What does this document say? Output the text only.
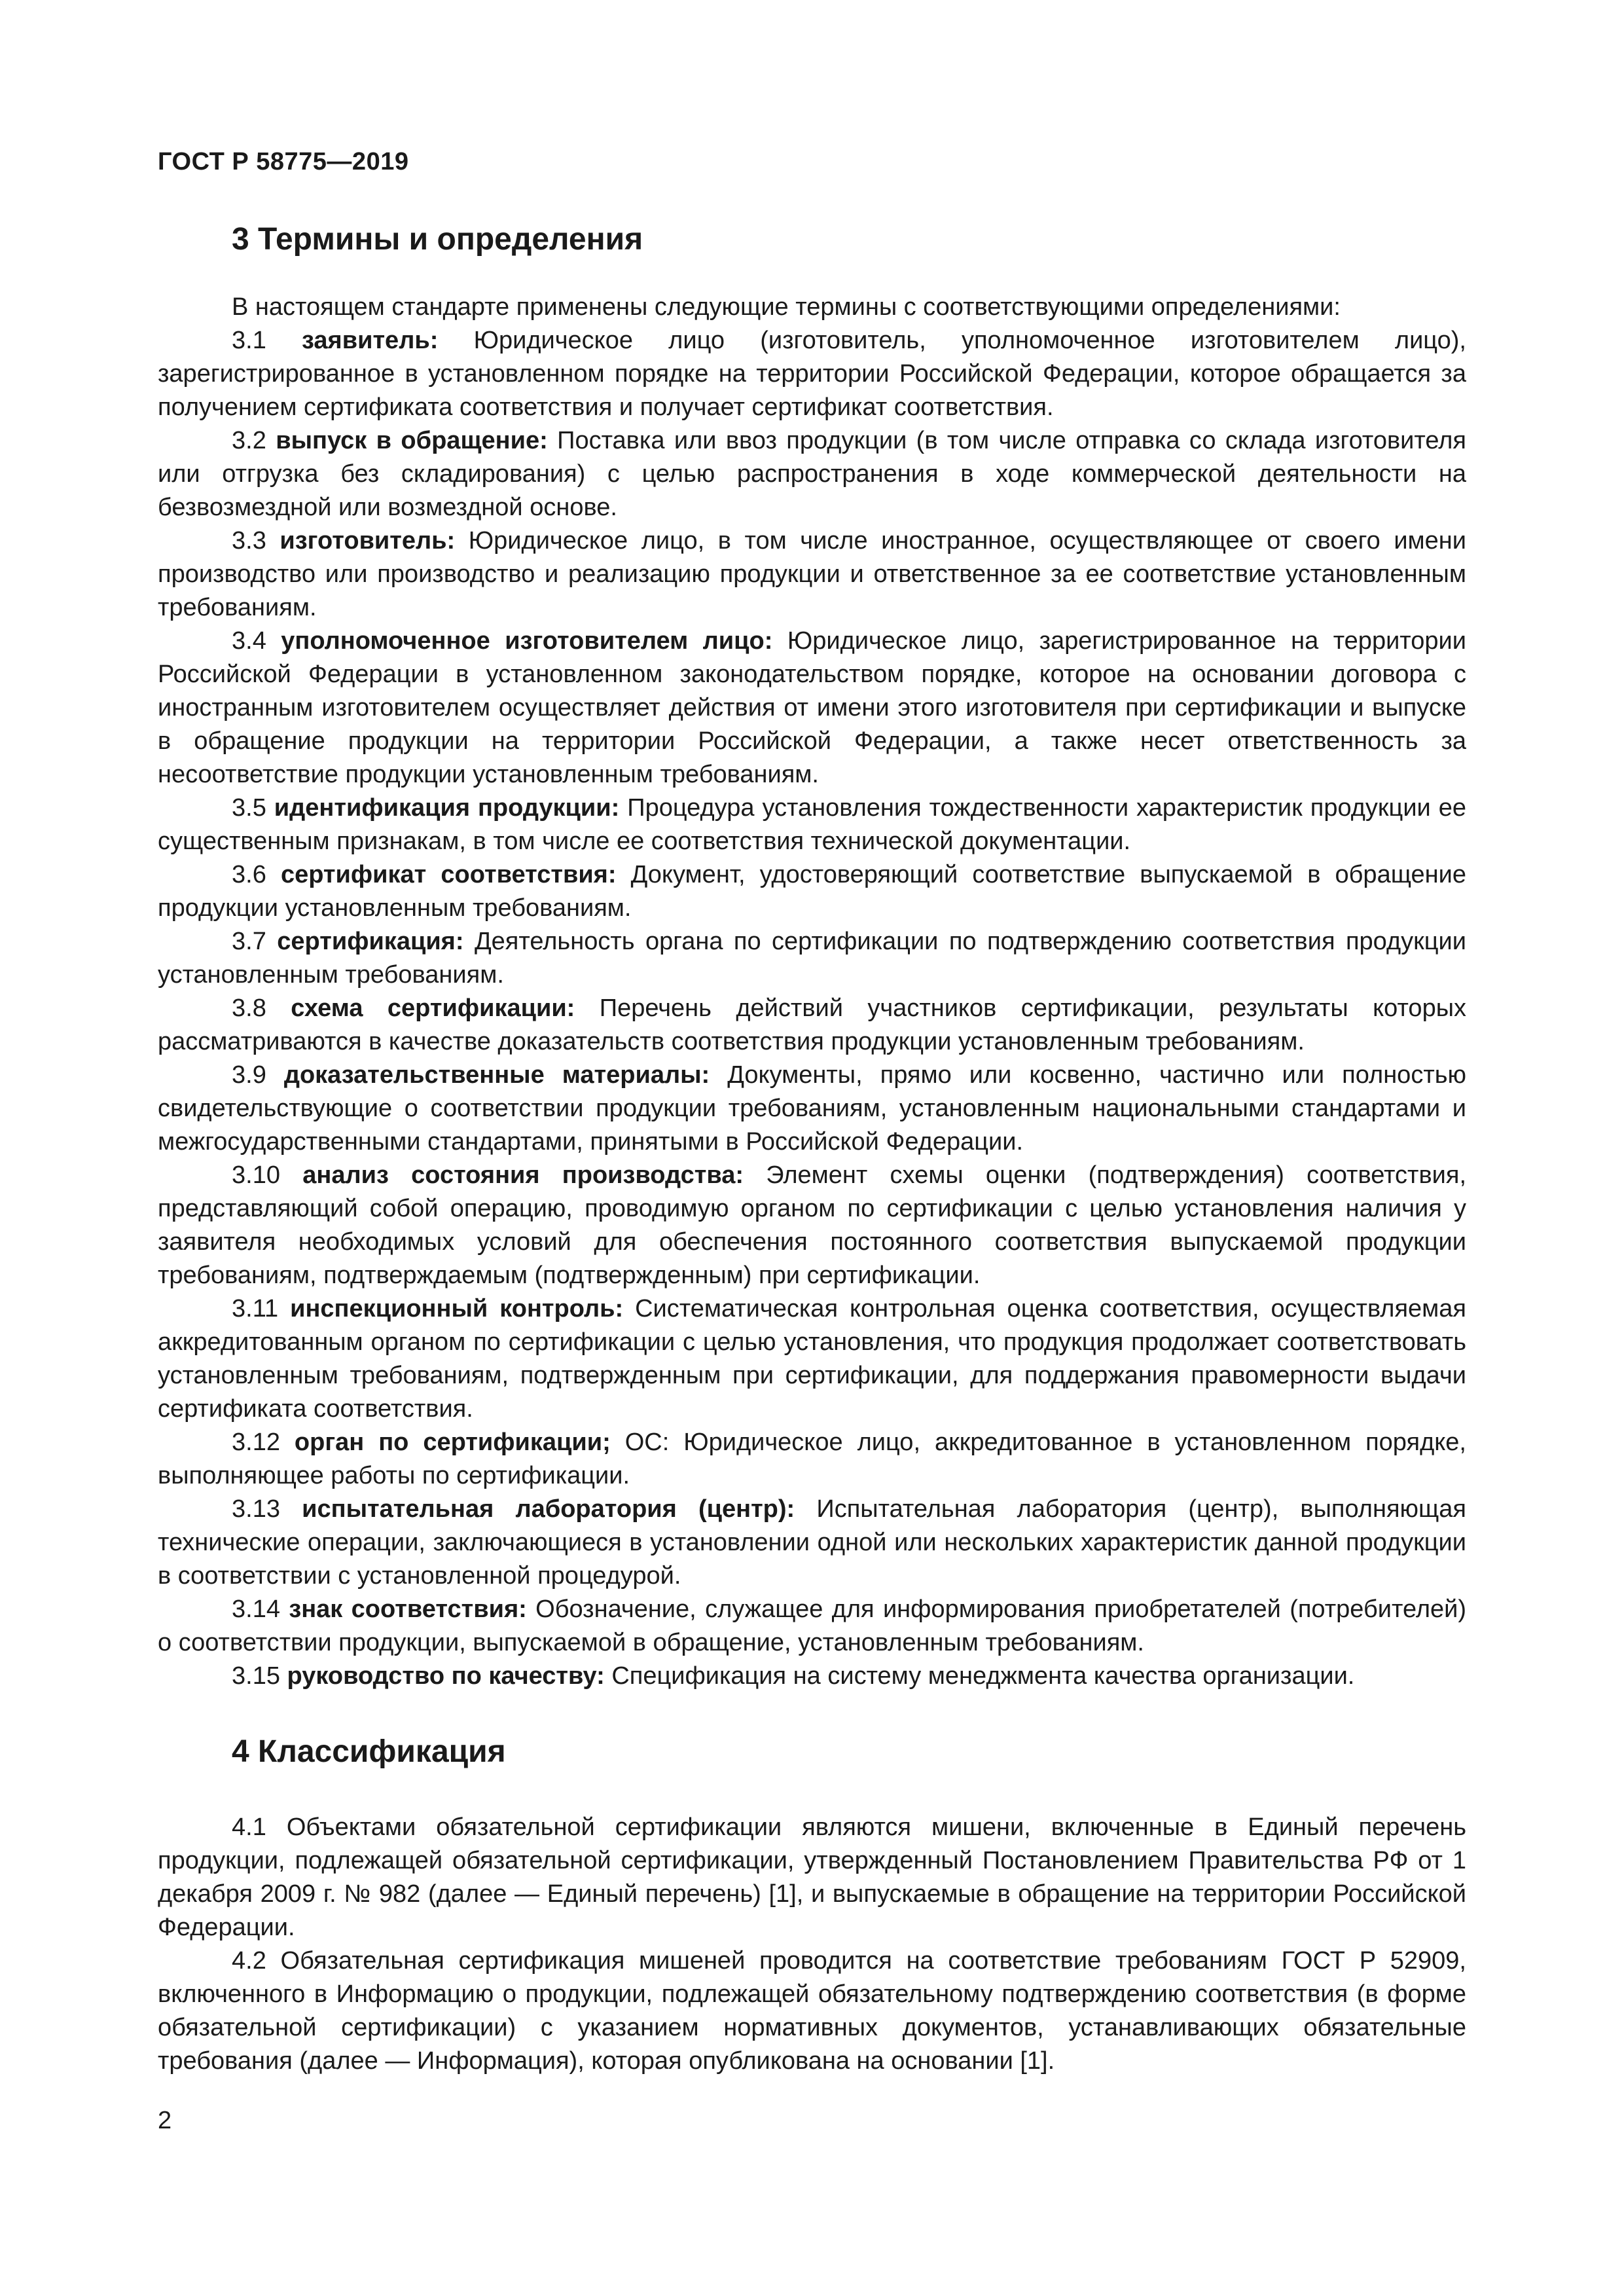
ГОСТ Р 58775—2019
3 Термины и определения

В настоящем стандарте применены следующие термины с соответствующими определениями:

3.1 заявитель: Юридическое лицо (изготовитель, уполномоченное изготовителем лицо), зарегистрированное в установленном порядке на территории Российской Федерации, которое обращается за получением сертификата соответствия и получает сертификат соответствия.

3.2 выпуск в обращение: Поставка или ввоз продукции (в том числе отправка со склада изготовителя или отгрузка без складирования) с целью распространения в ходе коммерческой деятельности на безвозмездной или возмездной основе.

3.3 изготовитель: Юридическое лицо, в том числе иностранное, осуществляющее от своего имени производство или производство и реализацию продукции и ответственное за ее соответствие установленным требованиям.

3.4 уполномоченное изготовителем лицо: Юридическое лицо, зарегистрированное на территории Российской Федерации в установленном законодательством порядке, которое на основании договора с иностранным изготовителем осуществляет действия от имени этого изготовителя при сертификации и выпуске в обращение продукции на территории Российской Федерации, а также несет ответственность за несоответствие продукции установленным требованиям.

3.5 идентификация продукции: Процедура установления тождественности характеристик продукции ее существенным признакам, в том числе ее соответствия технической документации.

3.6 сертификат соответствия: Документ, удостоверяющий соответствие выпускаемой в обращение продукции установленным требованиям.

3.7 сертификация: Деятельность органа по сертификации по подтверждению соответствия продукции установленным требованиям.

3.8 схема сертификации: Перечень действий участников сертификации, результаты которых рассматриваются в качестве доказательств соответствия продукции установленным требованиям.

3.9 доказательственные материалы: Документы, прямо или косвенно, частично или полностью свидетельствующие о соответствии продукции требованиям, установленным национальными стандартами и межгосударственными стандартами, принятыми в Российской Федерации.

3.10 анализ состояния производства: Элемент схемы оценки (подтверждения) соответствия, представляющий собой операцию, проводимую органом по сертификации с целью установления наличия у заявителя необходимых условий для обеспечения постоянного соответствия выпускаемой продукции требованиям, подтверждаемым (подтвержденным) при сертификации.

3.11 инспекционный контроль: Систематическая контрольная оценка соответствия, осуществляемая аккредитованным органом по сертификации с целью установления, что продукция продолжает соответствовать установленным требованиям, подтвержденным при сертификации, для поддержания правомерности выдачи сертификата соответствия.

3.12 орган по сертификации; ОС: Юридическое лицо, аккредитованное в установленном порядке, выполняющее работы по сертификации.

3.13 испытательная лаборатория (центр): Испытательная лаборатория (центр), выполняющая технические операции, заключающиеся в установлении одной или нескольких характеристик данной продукции в соответствии с установленной процедурой.

3.14 знак соответствия: Обозначение, служащее для информирования приобретателей (потребителей) о соответствии продукции, выпускаемой в обращение, установленным требованиям.

3.15 руководство по качеству: Спецификация на систему менеджмента качества организации.

4 Классификация

4.1 Объектами обязательной сертификации являются мишени, включенные в Единый перечень продукции, подлежащей обязательной сертификации, утвержденный Постановлением Правительства РФ от 1 декабря 2009 г. № 982 (далее — Единый перечень) [1], и выпускаемые в обращение на территории Российской Федерации.

4.2 Обязательная сертификация мишеней проводится на соответствие требованиям ГОСТ Р 52909, включенного в Информацию о продукции, подлежащей обязательному подтверждению соответствия (в форме обязательной сертификации) с указанием нормативных документов, устанавливающих обязательные требования (далее — Информация), которая опубликована на основании [1].

2
